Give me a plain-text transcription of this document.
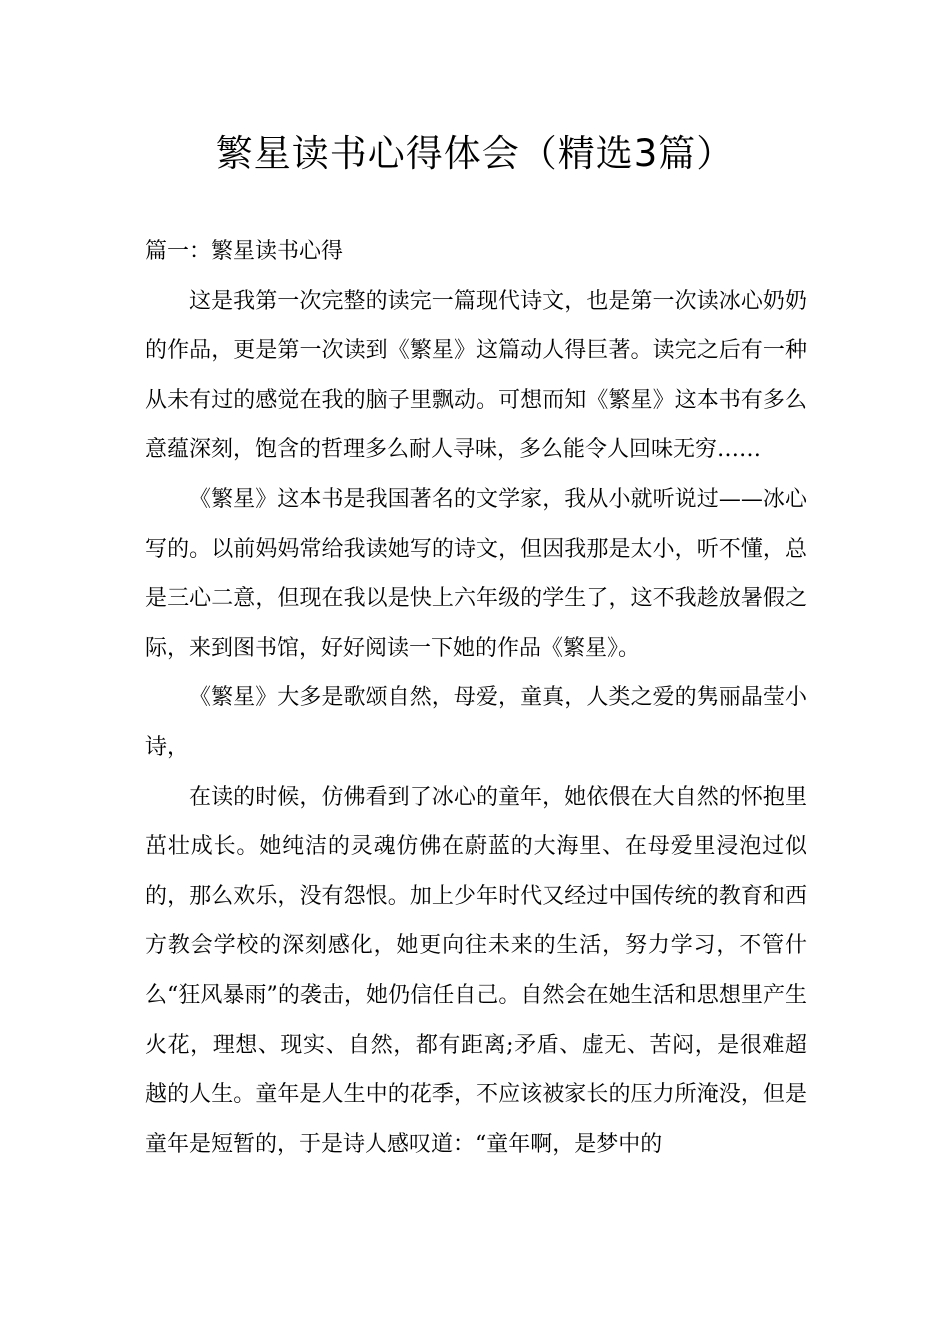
繁星读书心得体会（精选3篇）
篇一：繁星读书心得

这是我第一次完整的读完一篇现代诗文，也是第一次读冰心奶奶的作品，更是第一次读到《繁星》这篇动人得巨著。读完之后有一种从未有过的感觉在我的脑子里飘动。可想而知《繁星》这本书有多么意蕴深刻，饱含的哲理多么耐人寻味，多么能令人回味无穷……

《繁星》这本书是我国著名的文学家，我从小就听说过——冰心写的。以前妈妈常给我读她写的诗文，但因我那是太小，听不懂，总是三心二意，但现在我以是快上六年级的学生了，这不我趁放暑假之际，来到图书馆，好好阅读一下她的作品《繁星》。

《繁星》大多是歌颂自然，母爱，童真，人类之爱的隽丽晶莹小诗，

在读的时候，仿佛看到了冰心的童年，她依偎在大自然的怀抱里茁壮成长。她纯洁的灵魂仿佛在蔚蓝的大海里、在母爱里浸泡过似的，那么欢乐，没有怨恨。加上少年时代又经过中国传统的教育和西方教会学校的深刻感化，她更向往未来的生活，努力学习，不管什么“狂风暴雨”的袭击，她仍信任自己。自然会在她生活和思想里产生火花，理想、现实、自然，都有距离;矛盾、虚无、苦闷，是很难超越的人生。童年是人生中的花季，不应该被家长的压力所淹没，但是童年是短暂的，于是诗人感叹道：“童年啊，是梦中的
